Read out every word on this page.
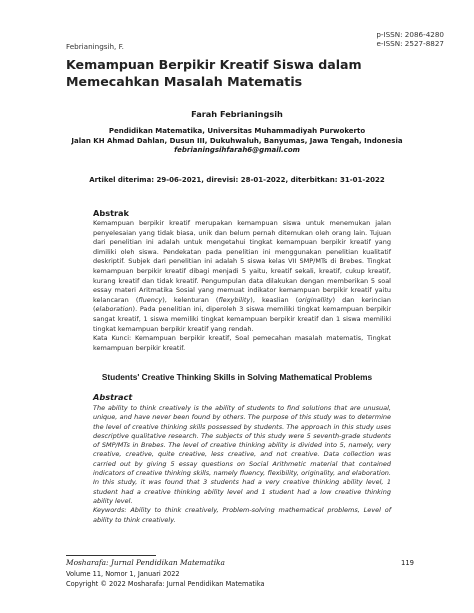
Febrianingsih, F.
p-ISSN: 2086-4280
e-ISSN: 2527-8827
Kemampuan Berpikir Kreatif Siswa dalam Memecahkan Masalah Matematis
Farah Febrianingsih
Pendidikan Matematika, Universitas Muhammadiyah Purwokerto
Jalan KH Ahmad Dahlan, Dusun III, Dukuhwaluh, Banyumas, Jawa Tengah, Indonesia
febrianingsihfarah6@gmail.com
Artikel diterima: 29-06-2021, direvisi: 28-01-2022, diterbitkan: 31-01-2022
Abstrak

Kemampuan berpikir kreatif merupakan kemampuan siswa untuk menemukan jalan penyelesaian yang tidak biasa, unik dan belum pernah ditemukan oleh orang lain. Tujuan dari penelitian ini adalah untuk mengetahui tingkat kemampuan berpikir kreatif yang dimiliki oleh siswa. Pendekatan pada penelitian ini menggunakan penelitian kualitatif deskriptif. Subjek dari penelitian ini adalah 5 siswa kelas VII SMP/MTs di Brebes. Tingkat kemampuan berpikir kreatif dibagi menjadi 5 yaitu, kreatif sekali, kreatif, cukup kreatif, kurang kreatif dan tidak kreatif. Pengumpulan data dilakukan dengan memberikan 5 soal essay materi Aritmatika Sosial yang memuat indikator kemampuan berpikir kreatif yaitu kelancaran (fluency), kelenturan (flexybility), keaslian (originallity) dan kerincian (elaboration). Pada penelitian ini, diperoleh 3 siswa memiliki tingkat kemampuan berpikir sangat kreatif, 1 siswa memiliki tingkat kemampuan berpikir kreatif dan 1 siswa memiliki tingkat kemampuan berpikir kreatif yang rendah.

Kata Kunci: Kemampuan berpikir kreatif, Soal pemecahan masalah matematis, Tingkat kemampuan berpikir kreatif.

Students' Creative Thinking Skills in Solving Mathematical Problems
Abstract

The ability to think creatively is the ability of students to find solutions that are unusual, unique, and have never been found by others. The purpose of this study was to determine the level of creative thinking skills possessed by students. The approach in this study uses descriptive qualitative research. The subjects of this study were 5 seventh-grade students of SMP/MTs in Brebes. The level of creative thinking ability is divided into 5, namely, very creative, creative, quite creative, less creative, and not creative. Data collection was carried out by giving 5 essay questions on Social Arithmetic material that contained indicators of creative thinking skills, namely fluency, flexibility, originality, and elaboration. In this study, it was found that 3 students had a very creative thinking ability level, 1 student had a creative thinking ability level and 1 student had a low creative thinking ability level.

Keywords: Ability to think creatively, Problem-solving mathematical problems, Level of ability to think creatively.

Mosharafa: Jurnal Pendidikan Matematika	119
Volume 11, Nomor 1, Januari 2022
Copyright © 2022 Mosharafa: Jurnal Pendidikan Matematika
